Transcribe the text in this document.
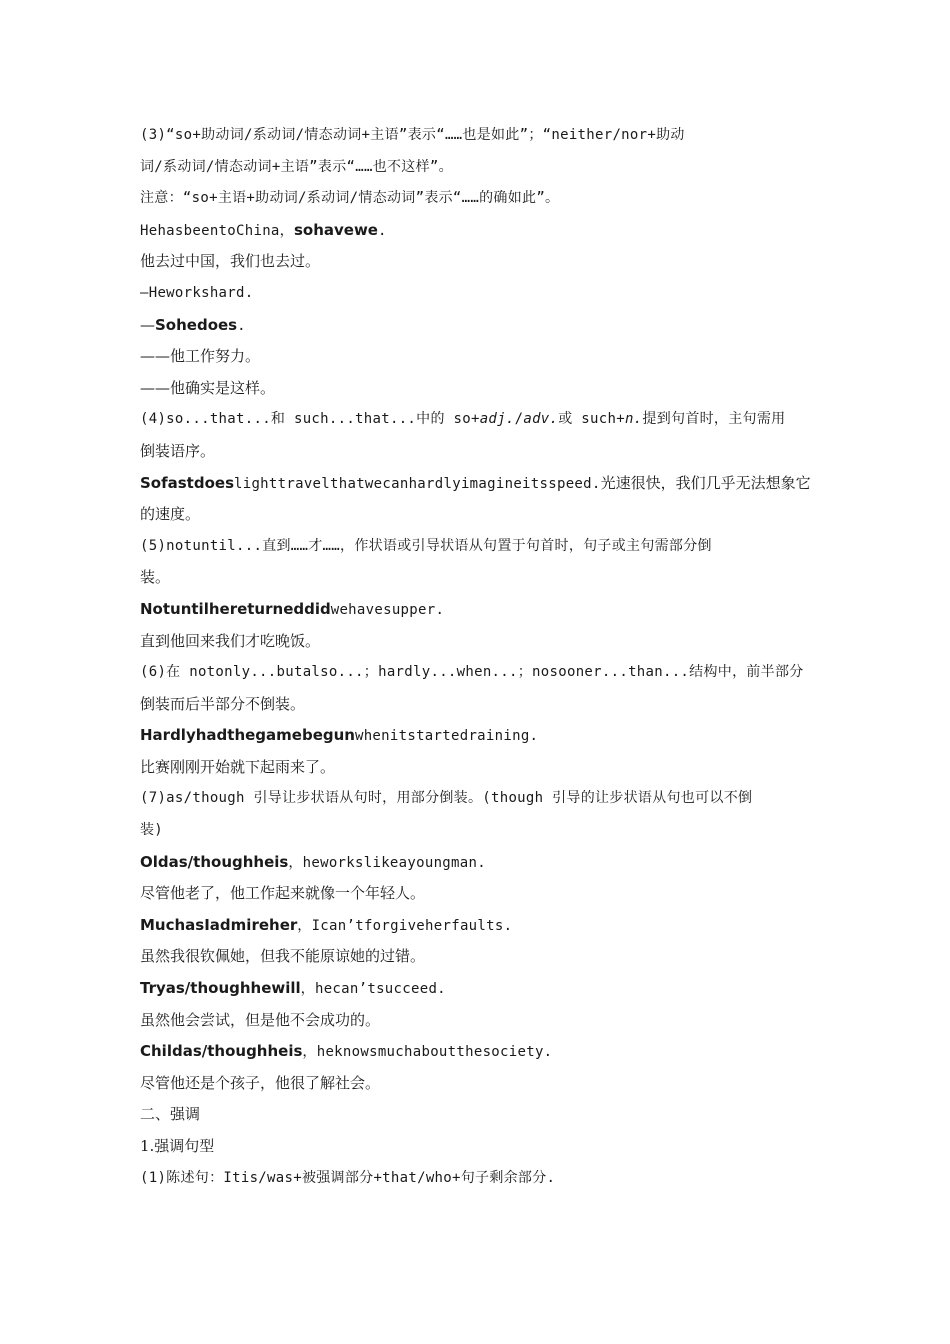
(3)“so+助动词/系动词/情态动词+主语”表示“……也是如此”；“neither/nor+助动
词/系动词/情态动词+主语”表示“……也不这样”。
注意：“so+主语+助动词/系动词/情态动词”表示“……的确如此”。
HehasbeentoChina，sohavewe.
他去过中国，我们也去过。
—Heworkshard.
—Sohedoes.
——他工作努力。
——他确实是这样。
(4)so...that...和 such...that...中的 so+adj./adv.或 such+n.提到句首时，主句需用
倒装语序。
Sofastdoeslighttravelthatwecanhardlyimagineitsspeed.光速很快，我们几乎无法想象它
的速度。
(5)notuntil...直到……才……，作状语或引导状语从句置于句首时，句子或主句需部分倒
装。
Notuntilhereturneddidwehavesupper.
直到他回来我们才吃晚饭。
(6)在 notonly...butalso...；hardly...when...；nosooner...than...结构中，前半部分
倒装而后半部分不倒装。
Hardlyhadthegamebegunwhenitstartedraining.
比赛刚刚开始就下起雨来了。
(7)as/though 引导让步状语从句时，用部分倒装。(though 引导的让步状语从句也可以不倒
装)
Oldas/thoughheis，heworkslikeayoungman.
尽管他老了，他工作起来就像一个年轻人。
MuchasIadmireher，Ican’tforgiveherfaults.
虽然我很钦佩她，但我不能原谅她的过错。
Tryas/thoughhewill，hecan’tsucceed.
虽然他会尝试，但是他不会成功的。
Childas/thoughheis，heknowsmuchaboutthesociety.
尽管他还是个孩子，他很了解社会。
二、强调
1.强调句型
(1)陈述句：Itis/was+被强调部分+that/who+句子剩余部分.
